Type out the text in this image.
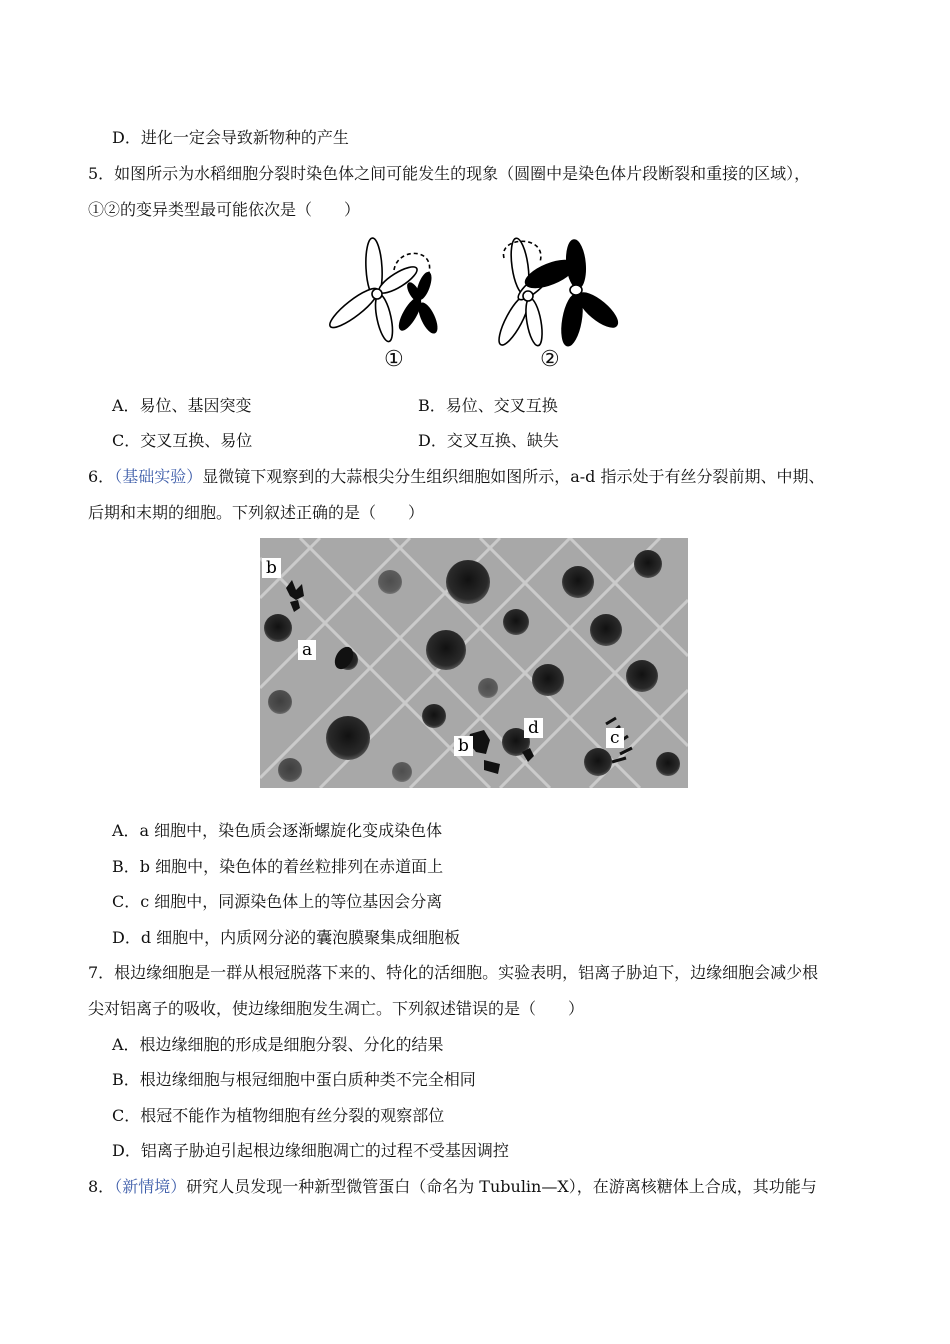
D．进化一定会导致新物种的产生
5．如图所示为水稻细胞分裂时染色体之间可能发生的现象（圆圈中是染色体片段断裂和重接的区域），
①②的变异类型最可能依次是（　　）
①	②
A．易位、基因突变	B．易位、交叉互换
C．交叉互换、易位	D．交叉互换、缺失
6．（基础实验）显微镜下观察到的大蒜根尖分生组织细胞如图所示，a-d 指示处于有丝分裂前期、中期、
后期和末期的细胞。下列叙述正确的是（　　）
b
a
b
d	c
A．a 细胞中，染色质会逐渐螺旋化变成染色体
B．b 细胞中，染色体的着丝粒排列在赤道面上
C．c 细胞中，同源染色体上的等位基因会分离
D．d 细胞中，内质网分泌的囊泡膜聚集成细胞板
7．根边缘细胞是一群从根冠脱落下来的、特化的活细胞。实验表明，铝离子胁迫下，边缘细胞会减少根
尖对铝离子的吸收，使边缘细胞发生凋亡。下列叙述错误的是（　　）
A．根边缘细胞的形成是细胞分裂、分化的结果
B．根边缘细胞与根冠细胞中蛋白质种类不完全相同
C．根冠不能作为植物细胞有丝分裂的观察部位
D．铝离子胁迫引起根边缘细胞凋亡的过程不受基因调控
8．（新情境）研究人员发现一种新型微管蛋白（命名为 Tubulin—X），在游离核糖体上合成，其功能与
